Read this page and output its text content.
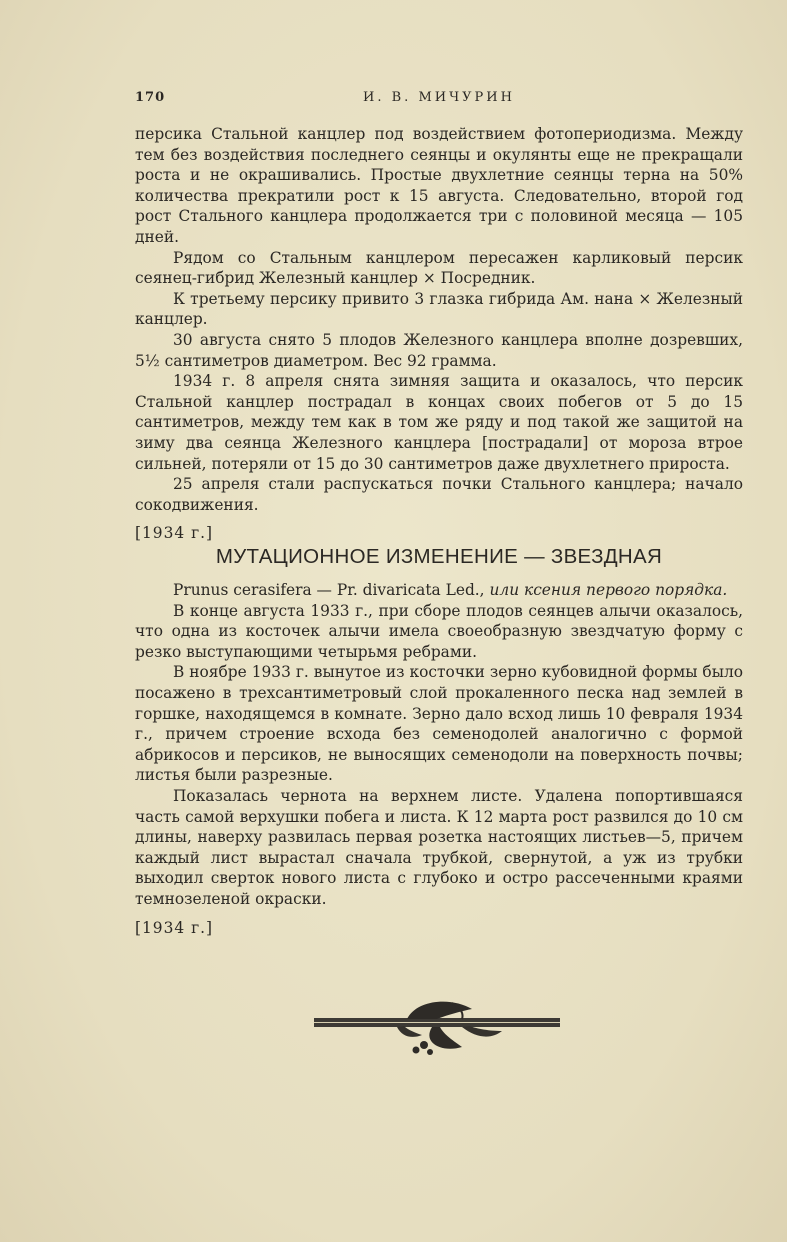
170	И. В. МИЧУРИН

персика Стальной канцлер под воздействием фотопериодизма. Между тем без воздействия последнего сеянцы и окулянты еще не прекращали роста и не окрашивались. Простые двухлетние сеянцы терна на 50% количества прекратили рост к 15 августа. Следовательно, второй год рост Стального канцлера продолжается три с половиной месяца — 105 дней.

Рядом со Стальным канцлером пересажен карликовый персик сеянец-гибрид Железный канцлер × Посредник.

К третьему персику привито 3 глазка гибрида Ам. нана × Железный канцлер.

30 августа снято 5 плодов Железного канцлера вполне дозревших, 5½ сантиметров диаметром. Вес 92 грамма.

1934 г. 8 апреля снята зимняя защита и оказалось, что персик Стальной канцлер пострадал в концах своих побегов от 5 до 15 сантиметров, между тем как в том же ряду и под такой же защитой на зиму два сеянца Железного канцлера [пострадали] от мороза втрое сильней, потеряли от 15 до 30 сантиметров даже двухлетнего прироста.

25 апреля стали распускаться почки Стального канцлера; начало сокодвижения.

[1934 г.]

МУТАЦИОННОЕ ИЗМЕНЕНИЕ — ЗВЕЗДНАЯ

Prunus cerasifera — Pr. divaricata Led., или ксения первого порядка.

В конце августа 1933 г., при сборе плодов сеянцев алычи оказалось, что одна из косточек алычи имела своеобразную звездчатую форму с резко выступающими четырьмя ребрами.

В ноябре 1933 г. вынутое из косточки зерно кубовидной формы было посажено в трехсантиметровый слой прокаленного песка над землей в горшке, находящемся в комнате. Зерно дало всход лишь 10 февраля 1934 г., причем строение всхода без семенодолей аналогично с формой абрикосов и персиков, не выносящих семенодоли на поверхность почвы; листья были разрезные.

Показалась чернота на верхнем листе. Удалена попортившаяся часть самой верхушки побега и листа. К 12 марта рост развился до 10 см длины, наверху развилась первая розетка настоящих листьев—5, причем каждый лист вырастал сначала трубкой, свернутой, а уж из трубки выходил сверток нового листа с глубоко и остро рассеченными краями темнозеленой окраски.

[1934 г.]
